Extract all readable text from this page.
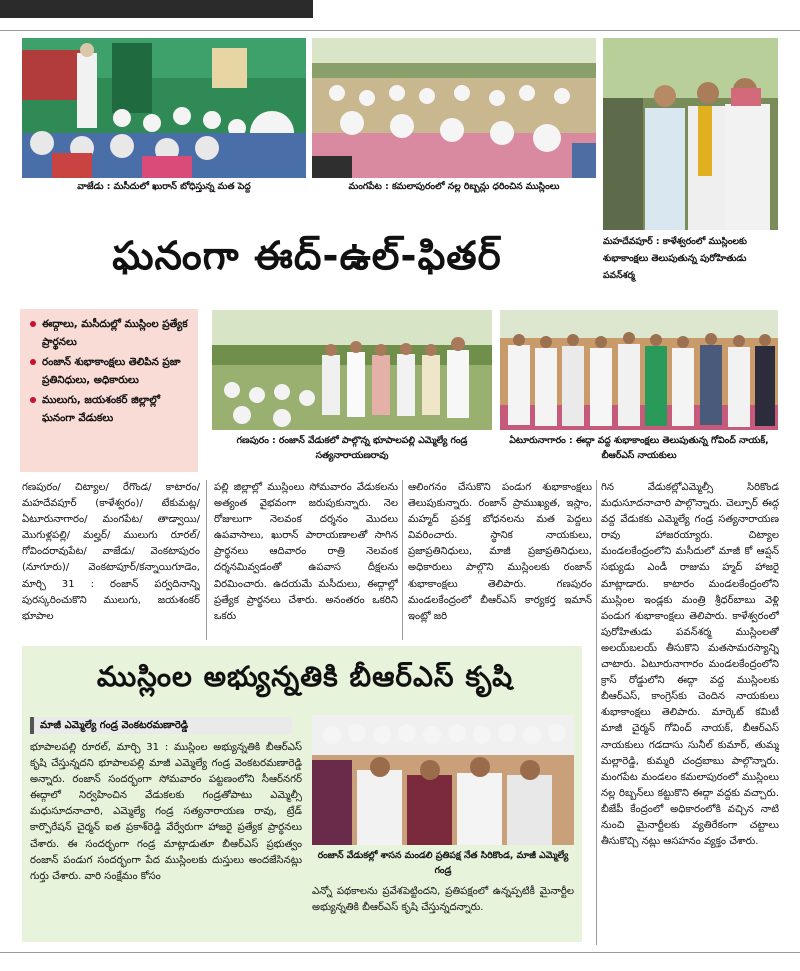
వాజేడు : మసీదులో ఖురాన్ బోధిస్తున్న మత పెద్ద	మంగపేట : కమలాపురంలో నల్ల రిబ్బన్లు ధరించిన ముస్లింలు
మహదేవపూర్ : కాళేశ్వరంలో ముస్లింలకు శుభాకాంక్షలు తెలుపుతున్న పురోహితుడు పవన్‌శర్మ
ఘనంగా ఈద్-ఉల్-ఫితర్
ఈద్గాలు, మసీదుల్లో ముస్లింల ప్రత్యేక ప్రార్థనలు
రంజాన్ శుభాకాంక్షలు తెలిపిన ప్రజా ప్రతినిధులు, అధికారులు
ములుగు, జయశంకర్ జిల్లాల్లో ఘనంగా వేడుకలు
గణపురం : రంజాన్ వేడుకలో పాల్గొన్న భూపాలపల్లి ఎమ్మెల్యే గండ్ర సత్యనారాయణరావు
ఏటూరునాగారం : ఈద్గా వద్ద శుభాకాంక్షలు తెలుపుతున్న గోవింద్ నాయక్, బీఆర్ఎస్ నాయకులు
గణపురం/ చిట్యాల/ రేగొండ/ కాటారం/ మహదేవపూర్ (కాళేశ్వరం)/ టేకుమట్ల/ఏటూరునాగారం/ మంగపేట/ తాడ్వాయి/ మొగుళ్లపల్లి/ మల్హర్/ ములుగు రూరల్/ గోవిందరావుపేట/ వాజేడు/ వెంకటాపురం (నూగూరు)/ వెంకటాపూర్/కన్నాయిగూడెం, మార్చి 31 : రంజాన్ పర్వదినాన్ని పురస్కరించుకొని ములుగు, జయశంకర్ భూపాల
పల్లి జిల్లాల్లో ముస్లింలు సోమవారం వేడుకలను అత్యంత వైభవంగా జరుపుకున్నారు. నెల రోజులుగా నెలవంక దర్శనం మొదలు ఉపవాసాలు, ఖురాన్ పారాయణాలతో సాగిన ప్రార్థనలు ఆదివారం రాత్రి నెలవంక దర్శనమివ్వడంతో ఉపవాస దీక్షలను విరమించారు. ఉదయమే మసీదులు, ఈద్గాల్లో ప్రత్యేక ప్రార్థనలు చేశారు. అనంతరం ఒకరిని ఒకరు
ఆలింగనం చేసుకొని పండుగ శుభాకాంక్షలు తెలుపుకున్నారు. రంజాన్ ప్రాముఖ్యత, ఇస్లాం, మహ్మద్ ప్రవక్త బోధనలను మత పెద్దలు వివరించారు. స్థానిక నాయకులు, ప్రజాప్రతినిధులు, మాజీ ప్రజాప్రతినిధులు, అధికారులు పాల్గొని ముస్లింలకు రంజాన్ శుభాకాంక్షలు తెలిపారు. గణపురం మండలకేంద్రంలో బీఆర్ఎస్ కార్యకర్త ఇమాన్ ఇంట్లో జరి
గిన వేడుకల్లోఎమ్మెల్సీ సిరికొండ మధుసూదనాచారి పాల్గొన్నారు. చెల్పూర్ ఈద్గ వద్ద వేడుకకు ఎమ్మెల్యే గండ్ర సత్యనారాయణ రావు హాజరయ్యారు. చిట్యాల మండలకేంద్రంలోని మసీదులో మాజీ కో ఆప్షన్ సభ్యుడు ఎండీ రాజుమ హ్మద్ హాజరై మాట్లాడారు. కాటారం మండలకేంద్రంలోని ముస్లింల ఇండ్లకు మంత్రి శ్రీధర్‌బాబు వెళ్లి పండుగ శుభాకాంక్షలు తెలిపారు. కాళేశ్వరంలో పురోహితుడు పవన్‌శర్మ ముస్లింలతో అలయ్‌బలయ్ తీసుకొని మతసామరస్యాన్ని చాటారు. ఏటూరునాగారం మండలకేంద్రంలోని క్రాస్ రోడ్డులోని ఈద్గా వద్ద ముస్లింలకు బీఆర్ఎస్, కాంగ్రెస్‌కు చెందిన నాయకులు శుభాకాంక్షలు తెలిపారు. మార్కెట్ కమిటీ మాజీ చైర్మన్ గోవింద్ నాయక్, బీఆర్ఎస్ నాయకులు గడదాసు సునీల్ కుమార్, తుమ్మ మల్లారెడ్డి, కుమ్మరి చంద్రబాబు పాల్గొన్నారు. మంగపేట మండలం కమలాపురంలో ముస్లింలు నల్ల రిబ్బన్‌లు కట్టుకొని ఈద్గా వద్దకు వచ్చారు. బీజేపీ కేంద్రంలో అధికారంలోకి వచ్చిన నాటి నుంచి మైనార్టీలకు వ్యతిరేకంగా చట్టాలు తీసుకొచ్చి నట్లు ఆసహనం వ్యక్తం చేశారు.
ముస్లింల అభ్యున్నతికి బీఆర్ఎస్ కృషి
మాజీ ఎమ్మెల్యే గండ్ర వెంకటరమణారెడ్డి
భూపాలపల్లి రూరల్, మార్చి 31 : ముస్లింల అభ్యున్నతికి బీఆర్ఎస్ కృషి చేస్తున్నదని భూపాలపల్లి మాజీ ఎమ్మెల్యే గండ్ర వెంకటరమణారెడ్డి అన్నారు. రంజాన్ సందర్భంగా సోమవారం పట్టణంలోని సీఆర్‌నగర్ ఈద్గాలో నిర్వహించిన వేడుకలకు గండ్రతోపాటు ఎమ్మెల్సీ మధుసూదనాచారి, ఎమ్మెల్యే గండ్ర సత్యనారాయణ రావు, ట్రేడ్ కార్పొరేషన్ చైర్మన్ ఐత ప్రకాశ్‌రెడ్డి వేర్వేరుగా హాజరై ప్రత్యేక ప్రార్థనలు చేశారు. ఈ సందర్భంగా గండ్ర మాట్లాడుతూ బీఆర్ఎస్ ప్రభుత్వం రంజాన్ పండుగ సందర్భంగా పేద ముస్లింలకు దుస్తులు అందజేసినట్లు గుర్తు చేశారు. వారి సంక్షేమం కోసం
రంజాన్ వేడుకల్లో శాసన మండలి ప్రతిపక్ష నేత సిరికొండ, మాజీ ఎమ్మెల్యే గండ్ర
ఎన్నో పథకాలను ప్రవేశపెట్టిందని, ప్రతిపక్షంలో ఉన్నప్పటికీ మైనార్టీల అభ్యున్నతికి బీఆర్ఎస్ కృషి చేస్తున్నదన్నారు.
